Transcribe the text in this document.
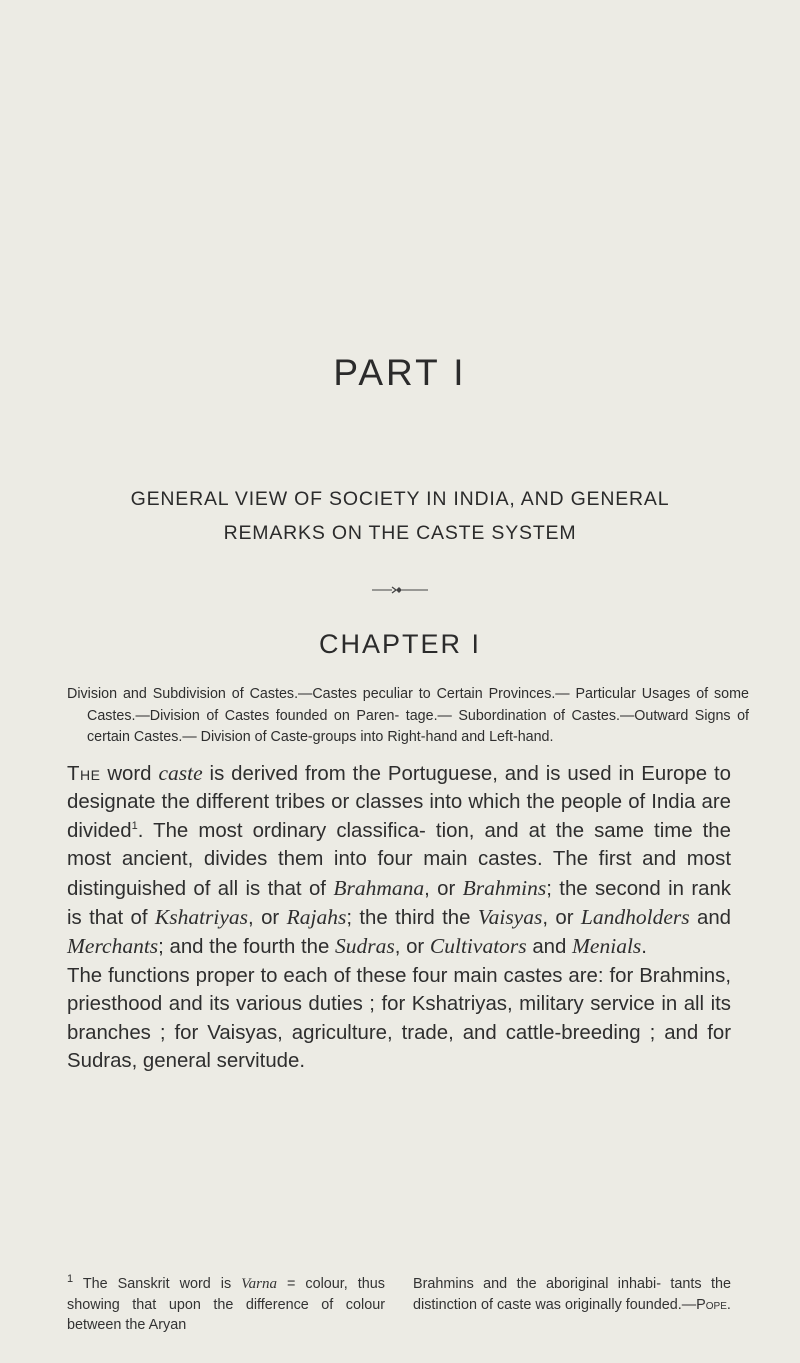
PART I
GENERAL VIEW OF SOCIETY IN INDIA, AND GENERAL
REMARKS ON THE CASTE SYSTEM
CHAPTER I
Division and Subdivision of Castes.—Castes peculiar to Certain Provinces.— Particular Usages of some Castes.—Division of Castes founded on Paren- tage.— Subordination of Castes.—Outward Signs of certain Castes.— Division of Caste-groups into Right-hand and Left-hand.

The word caste is derived from the Portuguese, and is used in Europe to designate the different tribes or classes into which the people of India are divided$^1$. The most ordinary classifica- tion, and at the same time the most ancient, divides them into four main castes. The first and most distinguished of all is that of Brahmana, or Brahmins; the second in rank is that of Kshatriyas, or Rajahs; the third the Vaisyas, or Landholders and Merchants; and the fourth the Sudras, or Cultivators and Menials.

The functions proper to each of these four main castes are: for Brahmins, priesthood and its various duties ; for Kshatriyas, military service in all its branches ; for Vaisyas, agriculture, trade, and cattle-breeding ; and for Sudras, general servitude.

$^1$ The Sanskrit word is Varna = colour, thus showing that upon the difference of colour between the Aryan
Brahmins and the aboriginal inhabi- tants the distinction of caste was originally founded.—Pope.
